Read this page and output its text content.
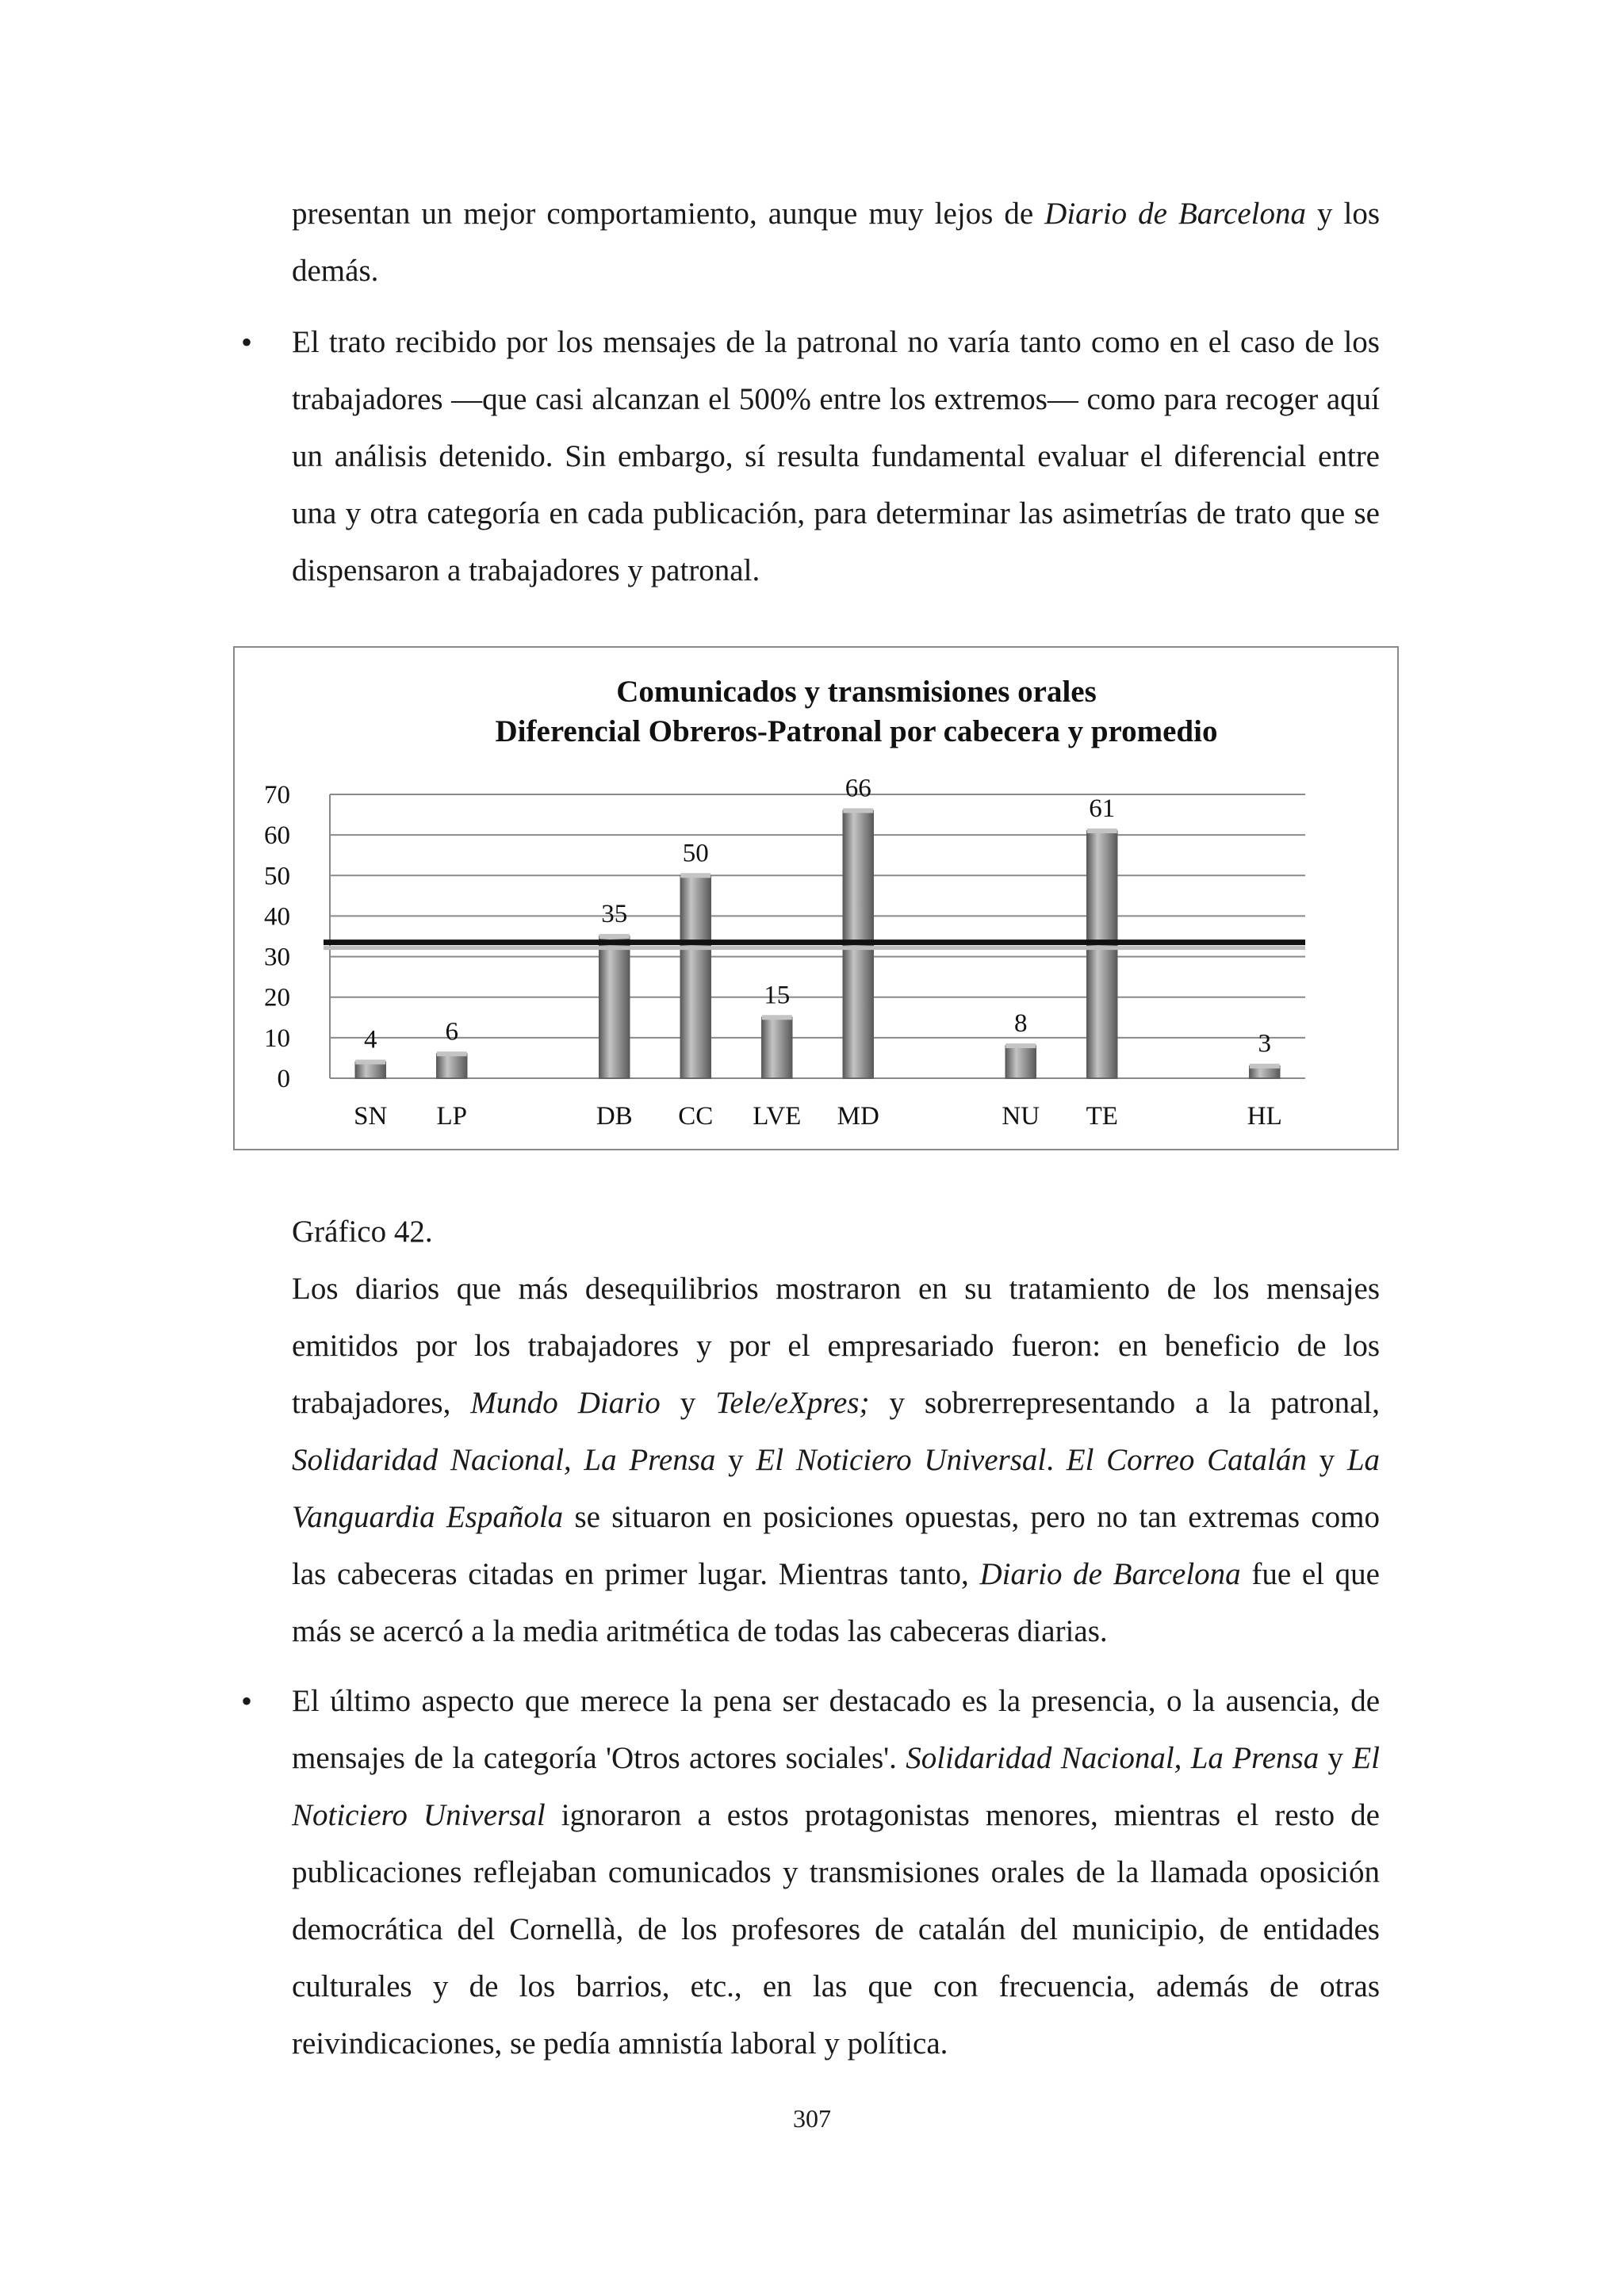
presentan un mejor comportamiento, aunque muy lejos de Diario de Barcelona y los demás.

• El trato recibido por los mensajes de la patronal no varía tanto como en el caso de los trabajadores —que casi alcanzan el 500% entre los extremos— como para recoger aquí un análisis detenido. Sin embargo, sí resulta fundamental evaluar el diferencial entre una y otra categoría en cada publicación, para determinar las asimetrías de trato que se dispensaron a trabajadores y patronal.

Comunicados y transmisiones orales
Diferencial Obreros-Patronal por cabecera y promedio
0
10
20
30
40
50
60
70
4	6
35
50
15
66
8
61
3
SN LP	DB CC LVE MD	NU TE	HL

Gráfico 42.

Los diarios que más desequilibrios mostraron en su tratamiento de los mensajes emitidos por los trabajadores y por el empresariado fueron: en beneficio de los trabajadores, Mundo Diario y Tele/eXpres; y sobrerrepresentando a la patronal, Solidaridad Nacional, La Prensa y El Noticiero Universal. El Correo Catalán y La Vanguardia Española se situaron en posiciones opuestas, pero no tan extremas como las cabeceras citadas en primer lugar. Mientras tanto, Diario de Barcelona fue el que más se acercó a la media aritmética de todas las cabeceras diarias.

• El último aspecto que merece la pena ser destacado es la presencia, o la ausencia, de mensajes de la categoría 'Otros actores sociales'. Solidaridad Nacional, La Prensa y El Noticiero Universal ignoraron a estos protagonistas menores, mientras el resto de publicaciones reflejaban comunicados y transmisiones orales de la llamada oposición democrática del Cornellà, de los profesores de catalán del municipio, de entidades culturales y de los barrios, etc., en las que con frecuencia, además de otras reivindicaciones, se pedía amnistía laboral y política.

307
